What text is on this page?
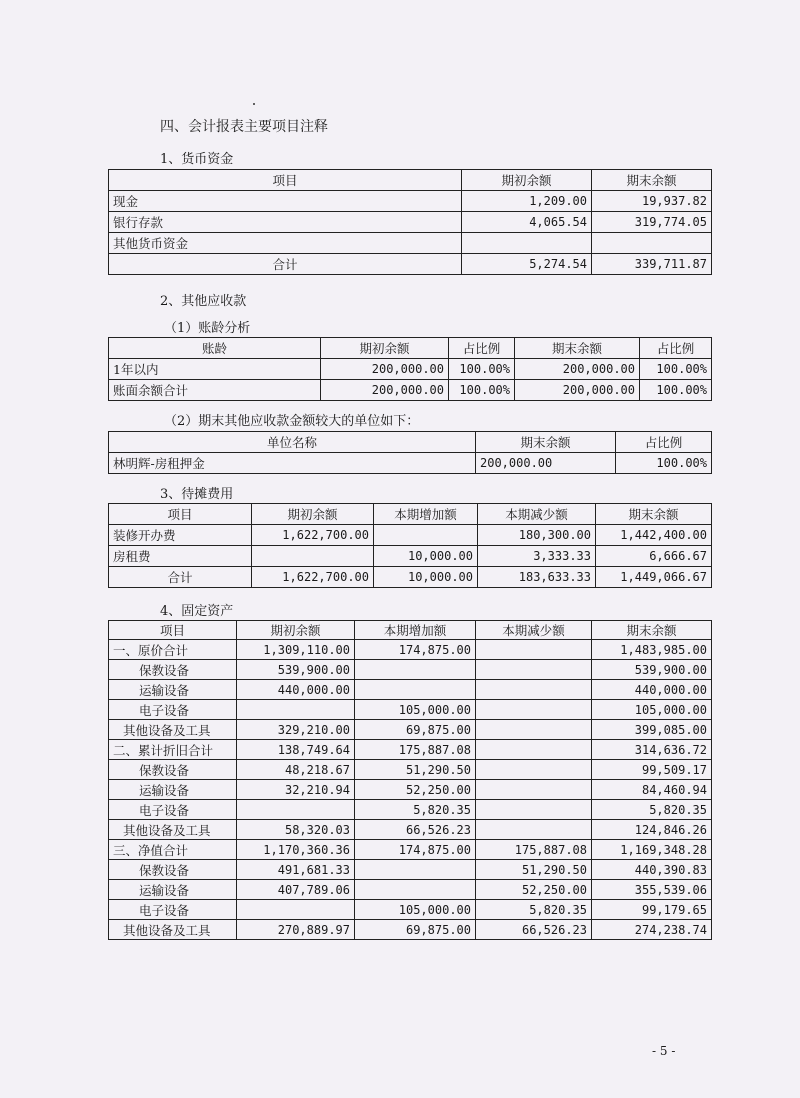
四、会计报表主要项目注释
1、货币资金
项目	期初余额	期末余额
现金	1,209.00	19,937.82
银行存款	4,065.54	319,774.05
其他货币资金		
合计	5,274.54	339,711.87
2、其他应收款
（1）账龄分析
账龄	期初余额	占比例	期末余额	占比例
1年以内	200,000.00	100.00%	200,000.00	100.00%
账面余额合计	200,000.00	100.00%	200,000.00	100.00%
（2）期末其他应收款金额较大的单位如下：
单位名称	期末余额	占比例
林明辉-房租押金	200,000.00	100.00%
3、待摊费用
项目	期初余额	本期增加额	本期减少额	期末余额
装修开办费	1,622,700.00		180,300.00	1,442,400.00
房租费		10,000.00	3,333.33	6,666.67
合计	1,622,700.00	10,000.00	183,633.33	1,449,066.67
4、固定资产
项目	期初余额	本期增加额	本期减少额	期末余额
一、原价合计	1,309,110.00	174,875.00		1,483,985.00
保教设备	539,900.00			539,900.00
运输设备	440,000.00			440,000.00
电子设备		105,000.00		105,000.00
其他设备及工具	329,210.00	69,875.00		399,085.00
二、累计折旧合计	138,749.64	175,887.08		314,636.72
保教设备	48,218.67	51,290.50		99,509.17
运输设备	32,210.94	52,250.00		84,460.94
电子设备		5,820.35		5,820.35
其他设备及工具	58,320.03	66,526.23		124,846.26
三、净值合计	1,170,360.36	174,875.00	175,887.08	1,169,348.28
保教设备	491,681.33		51,290.50	440,390.83
运输设备	407,789.06		52,250.00	355,539.06
电子设备		105,000.00	5,820.35	99,179.65
其他设备及工具	270,889.97	69,875.00	66,526.23	274,238.74
- 5 -
